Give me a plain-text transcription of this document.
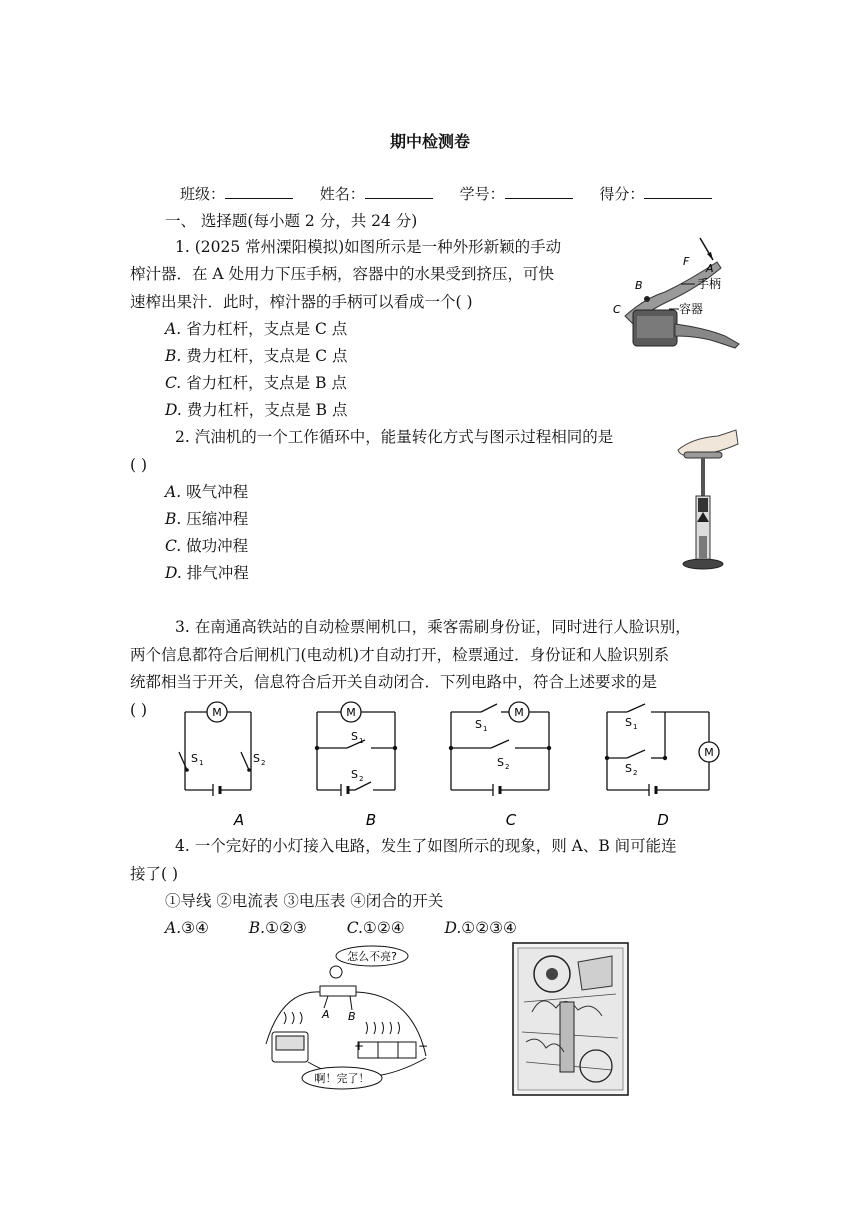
期中检测卷
班级：	姓名：	学号：	得分：
一、 选择题(每小题 2 分，共 24 分)
1. (2025 常州溧阳模拟)如图所示是一种外形新颖的手动
榨汁器．在 A 处用力下压手柄，容器中的水果受到挤压，可快
速榨出果汁．此时，榨汁器的手柄可以看成一个( )
A. 省力杠杆，支点是 C 点
B. 费力杠杆，支点是 C 点
C. 省力杠杆，支点是 B 点
D. 费力杠杆，支点是 B 点
F
A
B
C
手柄
容器
2. 汽油机的一个工作循环中，能量转化方式与图示过程相同的是
( )
A. 吸气冲程
B. 压缩冲程
C. 做功冲程
D. 排气冲程
3. 在南通高铁站的自动检票闸机口，乘客需刷身份证，同时进行人脸识别，
两个信息都符合后闸机门(电动机)才自动打开，检票通过．身份证和人脸识别系
统都相当于开关，信息符合后开关自动闭合．下列电路中，符合上述要求的是
( )	M	M	M
M
S 1	S 2
S 1
S 2
S 1
S 2
S 1
S 2
A	B	C	D
4. 一个完好的小灯接入电路，发生了如图所示的现象，则 A、B 间可能连
接了( )
①导线 ②电流表 ③电压表 ④闭合的开关
A.③④	B.①②③	C.①②④	D.①②③④
怎么不亮?
A B
+	−
啊！完了！
